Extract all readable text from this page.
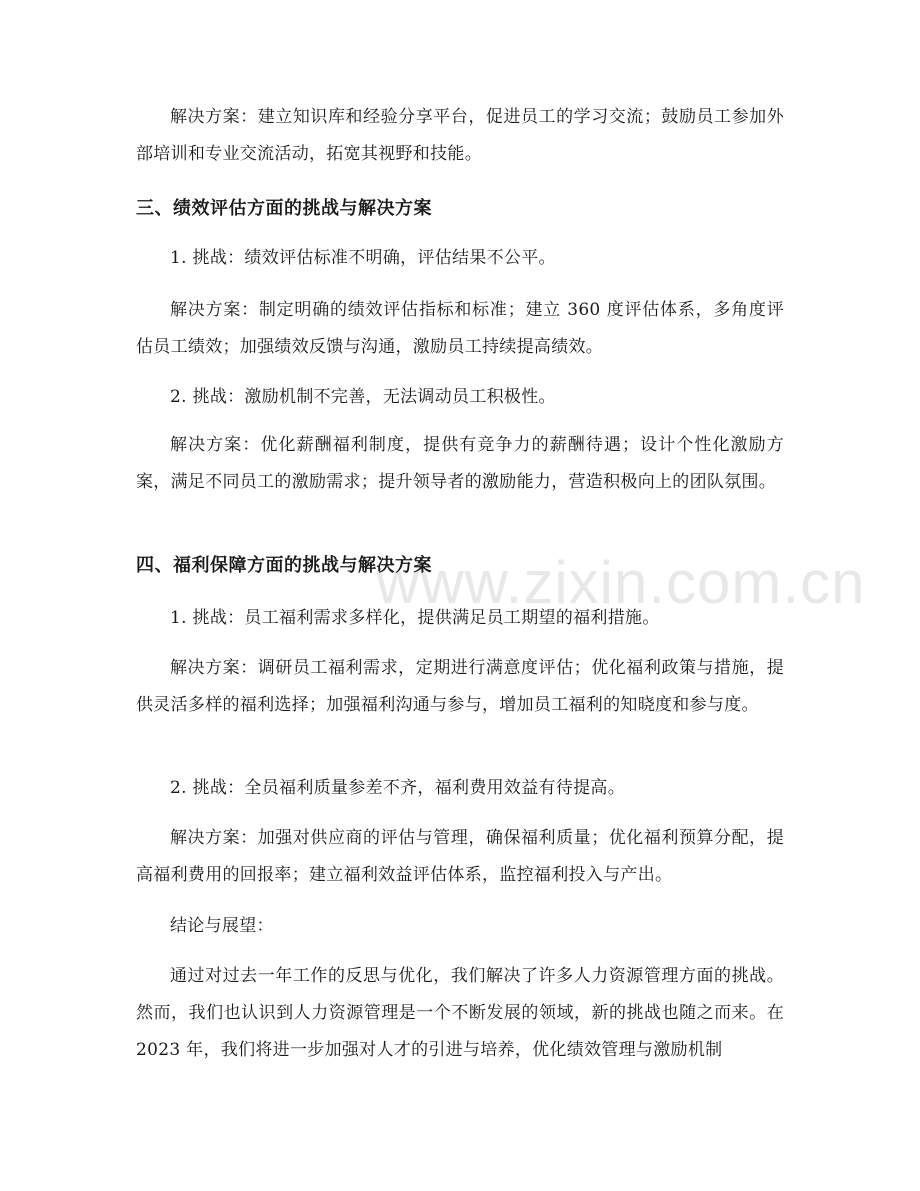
www.zixin.com.cn

解决方案：建立知识库和经验分享平台，促进员工的学习交流；鼓励员工参加外部培训和专业交流活动，拓宽其视野和技能。

三、绩效评估方面的挑战与解决方案

1. 挑战：绩效评估标准不明确，评估结果不公平。

解决方案：制定明确的绩效评估指标和标准；建立 360 度评估体系，多角度评估员工绩效；加强绩效反馈与沟通，激励员工持续提高绩效。

2. 挑战：激励机制不完善，无法调动员工积极性。

解决方案：优化薪酬福利制度，提供有竞争力的薪酬待遇；设计个性化激励方案，满足不同员工的激励需求；提升领导者的激励能力，营造积极向上的团队氛围。

四、福利保障方面的挑战与解决方案

1. 挑战：员工福利需求多样化，提供满足员工期望的福利措施。

解决方案：调研员工福利需求，定期进行满意度评估；优化福利政策与措施，提供灵活多样的福利选择；加强福利沟通与参与，增加员工福利的知晓度和参与度。

2. 挑战：全员福利质量参差不齐，福利费用效益有待提高。

解决方案：加强对供应商的评估与管理，确保福利质量；优化福利预算分配，提高福利费用的回报率；建立福利效益评估体系，监控福利投入与产出。

结论与展望：

通过对过去一年工作的反思与优化，我们解决了许多人力资源管理方面的挑战。然而，我们也认识到人力资源管理是一个不断发展的领域，新的挑战也随之而来。在 2023 年，我们将进一步加强对人才的引进与培养，优化绩效管理与激励机制
